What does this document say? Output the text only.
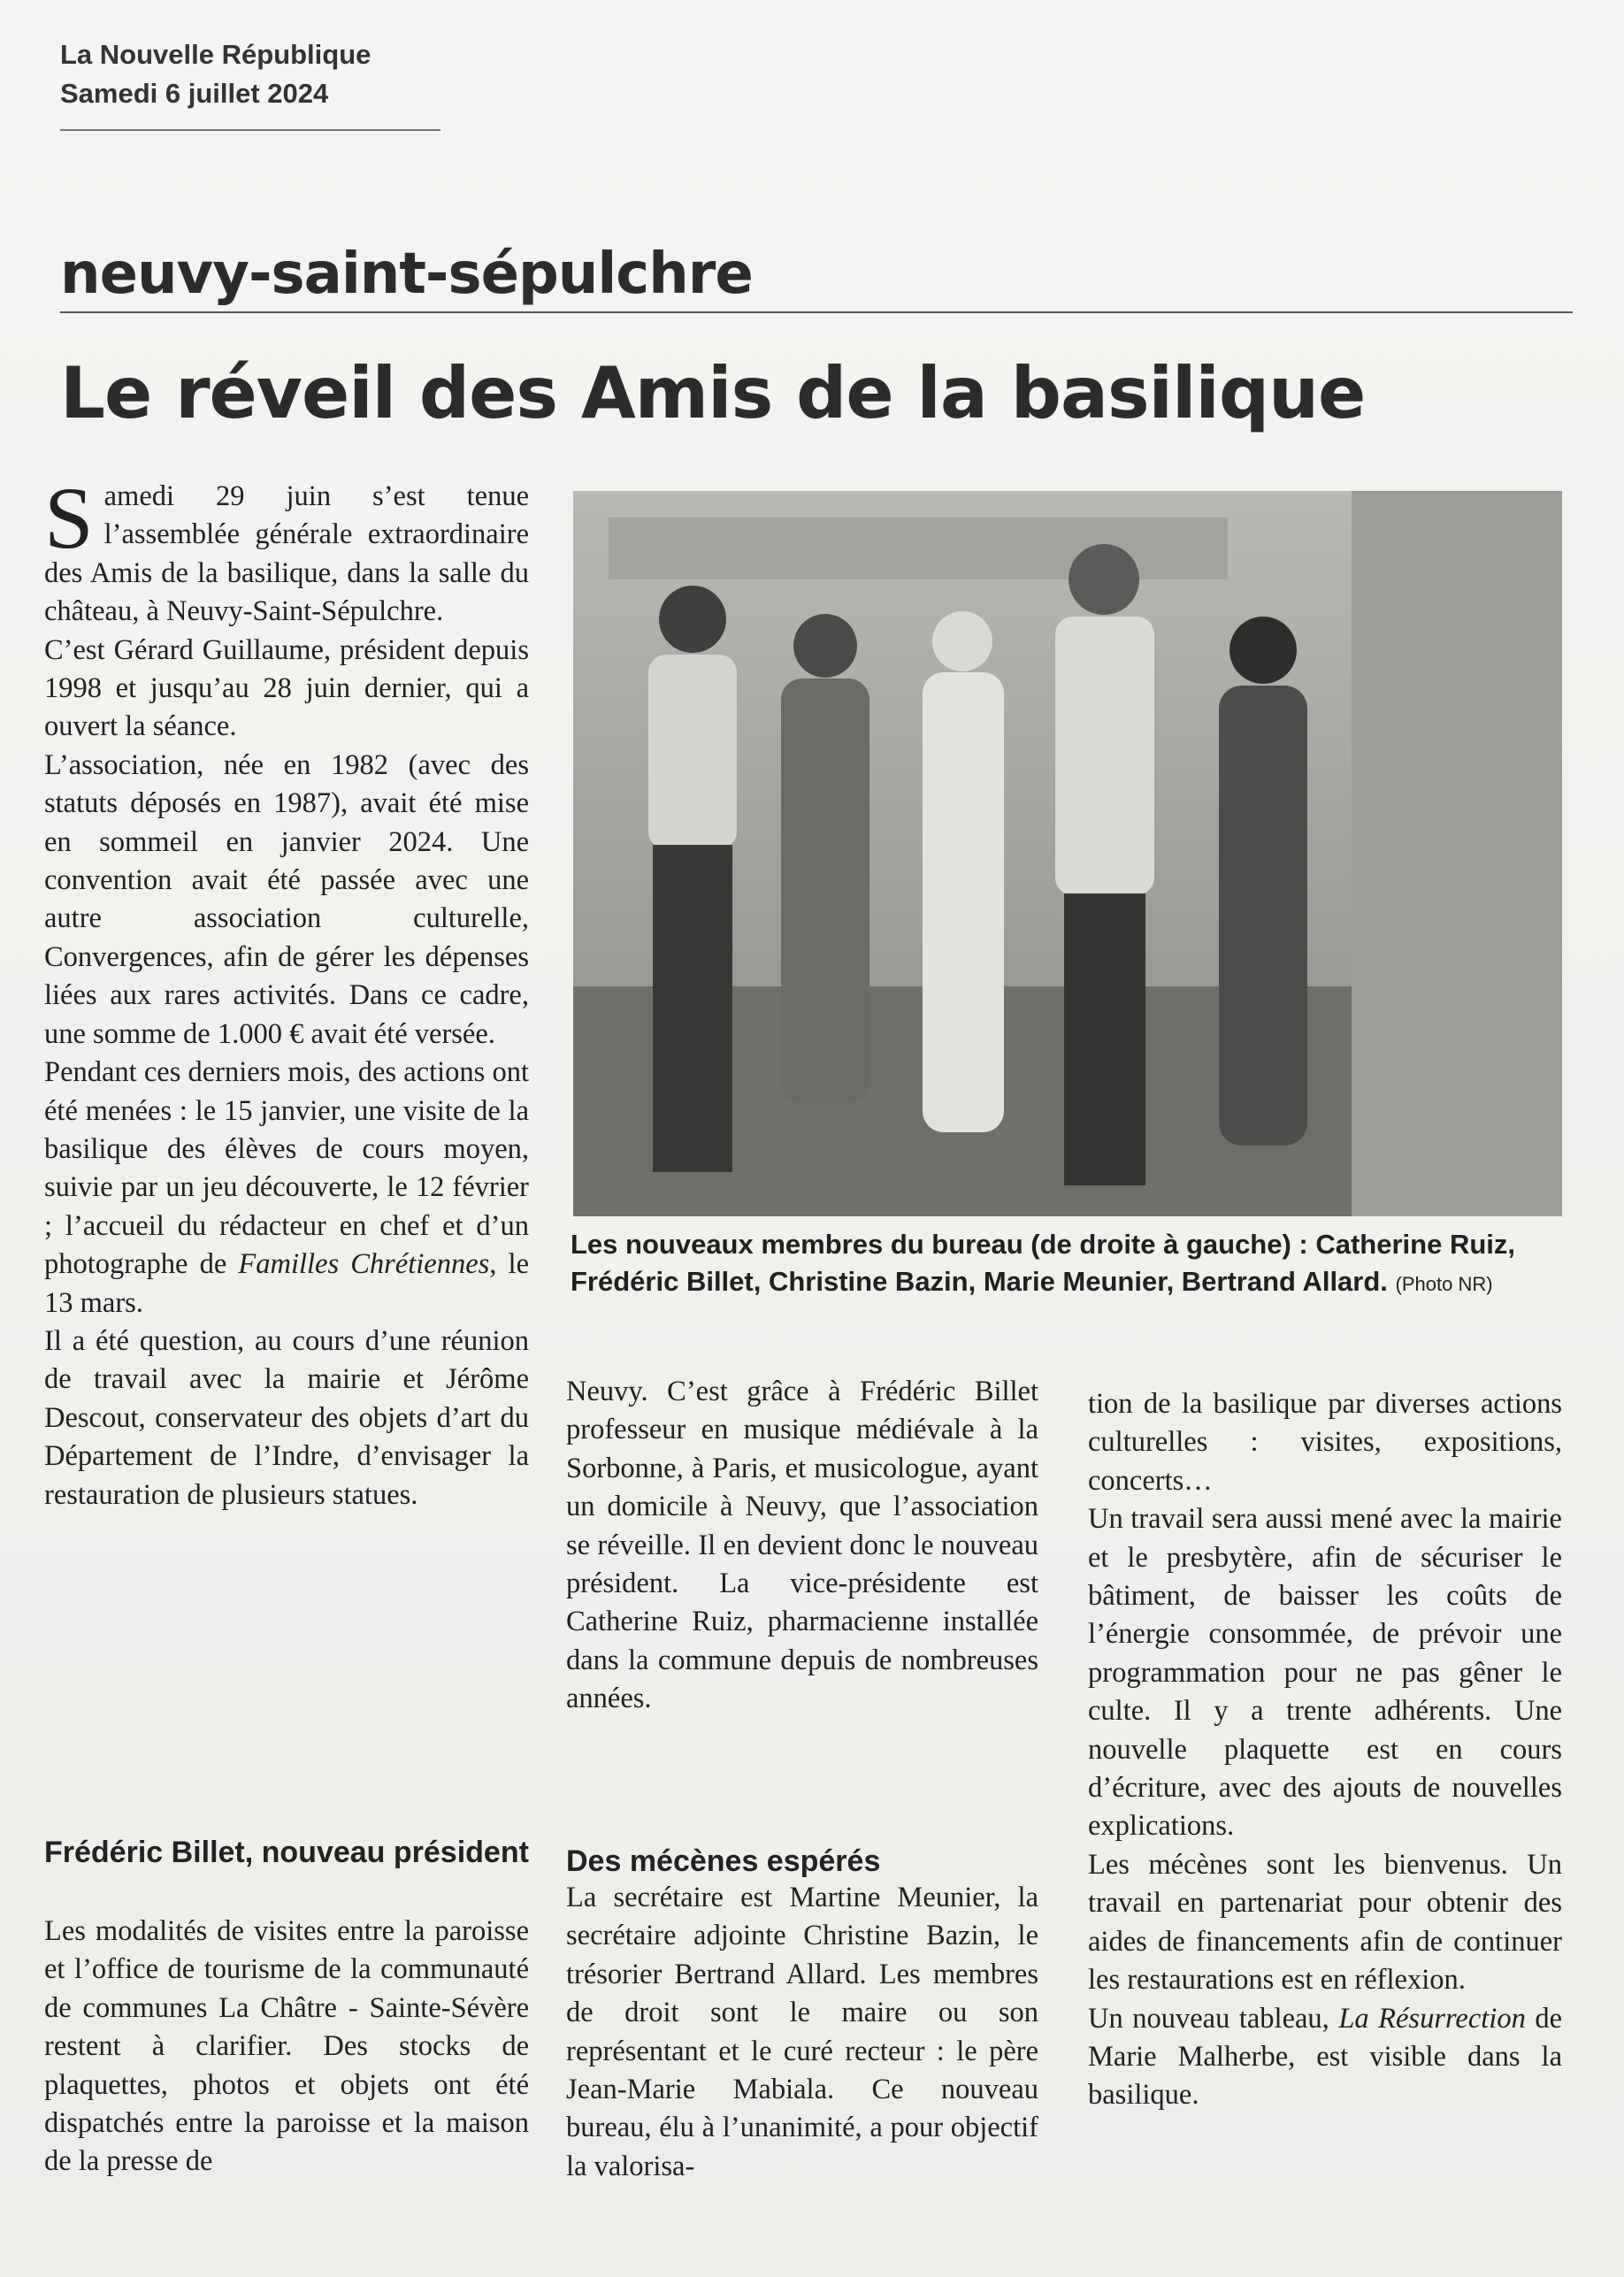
La Nouvelle République
Samedi 6 juillet 2024
neuvy-saint-sépulchre
Le réveil des Amis de la basilique

Samedi 29 juin s’est tenue l’assemblée générale extraordinaire des Amis de la basilique, dans la salle du château, à Neuvy-Saint-Sépulchre.

C’est Gérard Guillaume, président depuis 1998 et jusqu’au 28 juin dernier, qui a ouvert la séance.

L’association, née en 1982 (avec des statuts déposés en 1987), avait été mise en sommeil en janvier 2024. Une convention avait été passée avec une autre association culturelle, Convergences, afin de gérer les dépenses liées aux rares activités. Dans ce cadre, une somme de 1.000 € avait été versée.

Pendant ces derniers mois, des actions ont été menées : le 15 janvier, une visite de la basilique des élèves de cours moyen, suivie par un jeu découverte, le 12 février ; l’accueil du rédacteur en chef et d’un photographe de Familles Chrétiennes, le 13 mars.

Il a été question, au cours d’une réunion de travail avec la mairie et Jérôme Descout, conservateur des objets d’art du Département de l’Indre, d’envisager la restauration de plusieurs statues.

Frédéric Billet, nouveau président

Les modalités de visites entre la paroisse et l’office de tourisme de la communauté de communes La Châtre - Sainte-Sévère restent à clarifier. Des stocks de plaquettes, photos et objets ont été dispatchés entre la paroisse et la maison de la presse de

Les nouveaux membres du bureau (de droite à gauche) : Catherine Ruiz, Frédéric Billet, Christine Bazin, Marie Meunier, Bertrand Allard. (Photo NR)

Neuvy. C’est grâce à Frédéric Billet professeur en musique médiévale à la Sorbonne, à Paris, et musicologue, ayant un domicile à Neuvy, que l’association se réveille. Il en devient donc le nouveau président. La vice-présidente est Catherine Ruiz, pharmacienne installée dans la commune depuis de nombreuses années.

Des mécènes espérés

La secrétaire est Martine Meunier, la secrétaire adjointe Christine Bazin, le trésorier Bertrand Allard. Les membres de droit sont le maire ou son représentant et le curé recteur : le père Jean-Marie Mabiala. Ce nouveau bureau, élu à l’unanimité, a pour objectif la valorisa-

tion de la basilique par diverses actions culturelles : visites, expositions, concerts…

Un travail sera aussi mené avec la mairie et le presbytère, afin de sécuriser le bâtiment, de baisser les coûts de l’énergie consommée, de prévoir une programmation pour ne pas gêner le culte. Il y a trente adhérents. Une nouvelle plaquette est en cours d’écriture, avec des ajouts de nouvelles explications.

Les mécènes sont les bienvenus. Un travail en partenariat pour obtenir des aides de financements afin de continuer les restaurations est en réflexion.

Un nouveau tableau, La Résurrection de Marie Malherbe, est visible dans la basilique.
